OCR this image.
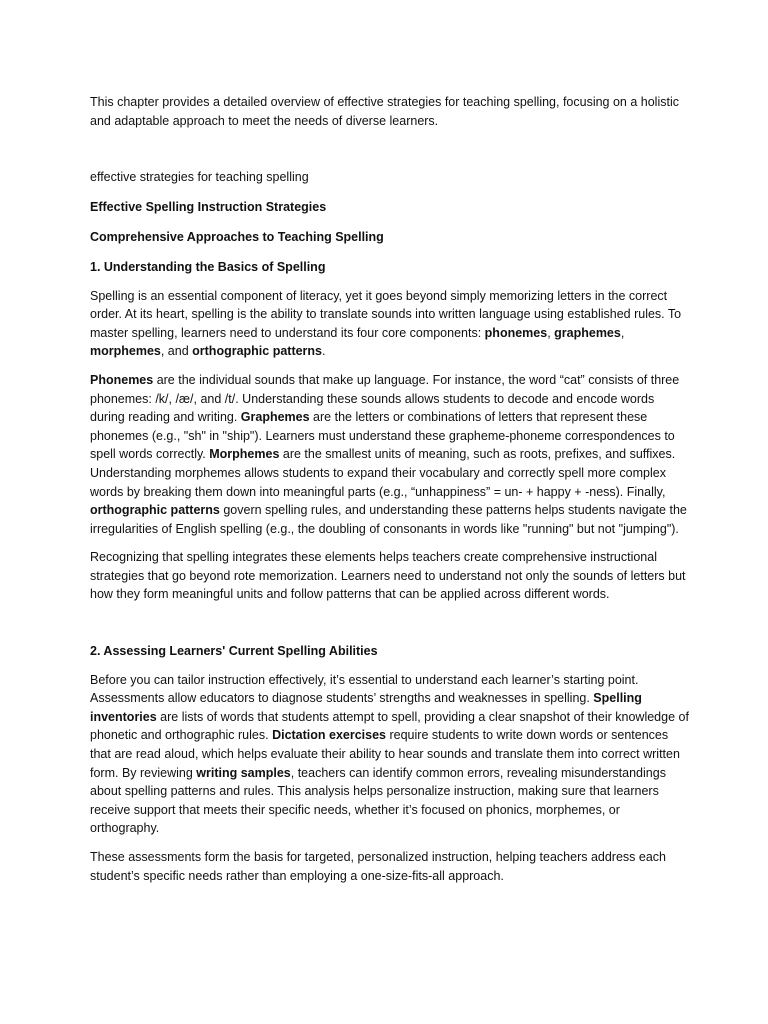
This chapter provides a detailed overview of effective strategies for teaching spelling, focusing on a holistic and adaptable approach to meet the needs of diverse learners.

effective strategies for teaching spelling

Effective Spelling Instruction Strategies

Comprehensive Approaches to Teaching Spelling

1. Understanding the Basics of Spelling

Spelling is an essential component of literacy, yet it goes beyond simply memorizing letters in the correct order. At its heart, spelling is the ability to translate sounds into written language using established rules. To master spelling, learners need to understand its four core components: phonemes, graphemes, morphemes, and orthographic patterns.

Phonemes are the individual sounds that make up language. For instance, the word “cat” consists of three phonemes: /k/, /æ/, and /t/. Understanding these sounds allows students to decode and encode words during reading and writing. Graphemes are the letters or combinations of letters that represent these phonemes (e.g., "sh" in "ship"). Learners must understand these grapheme-phoneme correspondences to spell words correctly. Morphemes are the smallest units of meaning, such as roots, prefixes, and suffixes. Understanding morphemes allows students to expand their vocabulary and correctly spell more complex words by breaking them down into meaningful parts (e.g., “unhappiness” = un- + happy + -ness). Finally, orthographic patterns govern spelling rules, and understanding these patterns helps students navigate the irregularities of English spelling (e.g., the doubling of consonants in words like "running" but not "jumping").

Recognizing that spelling integrates these elements helps teachers create comprehensive instructional strategies that go beyond rote memorization. Learners need to understand not only the sounds of letters but how they form meaningful units and follow patterns that can be applied across different words.

2. Assessing Learners' Current Spelling Abilities

Before you can tailor instruction effectively, it’s essential to understand each learner’s starting point. Assessments allow educators to diagnose students’ strengths and weaknesses in spelling. Spelling inventories are lists of words that students attempt to spell, providing a clear snapshot of their knowledge of phonetic and orthographic rules. Dictation exercises require students to write down words or sentences that are read aloud, which helps evaluate their ability to hear sounds and translate them into correct written form. By reviewing writing samples, teachers can identify common errors, revealing misunderstandings about spelling patterns and rules. This analysis helps personalize instruction, making sure that learners receive support that meets their specific needs, whether it’s focused on phonics, morphemes, or orthography.

These assessments form the basis for targeted, personalized instruction, helping teachers address each student’s specific needs rather than employing a one-size-fits-all approach.
